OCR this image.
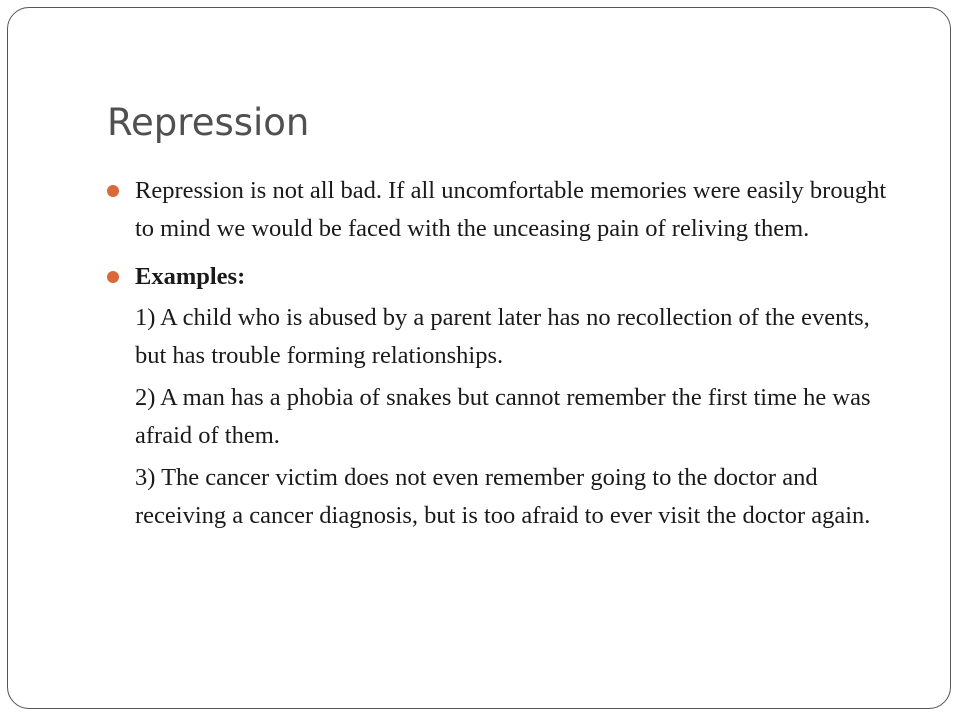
Repression

Repression is not all bad. If all uncomfortable memories were easily brought to mind we would be faced with the unceasing pain of reliving them.

Examples:

1) A child who is abused by a parent later has no recollection of the events, but has trouble forming relationships.

2) A man has a phobia of snakes but cannot remember the first time he was afraid of them.

3) The cancer victim does not even remember going to the doctor and receiving a cancer diagnosis, but is too afraid to ever visit the doctor again.
